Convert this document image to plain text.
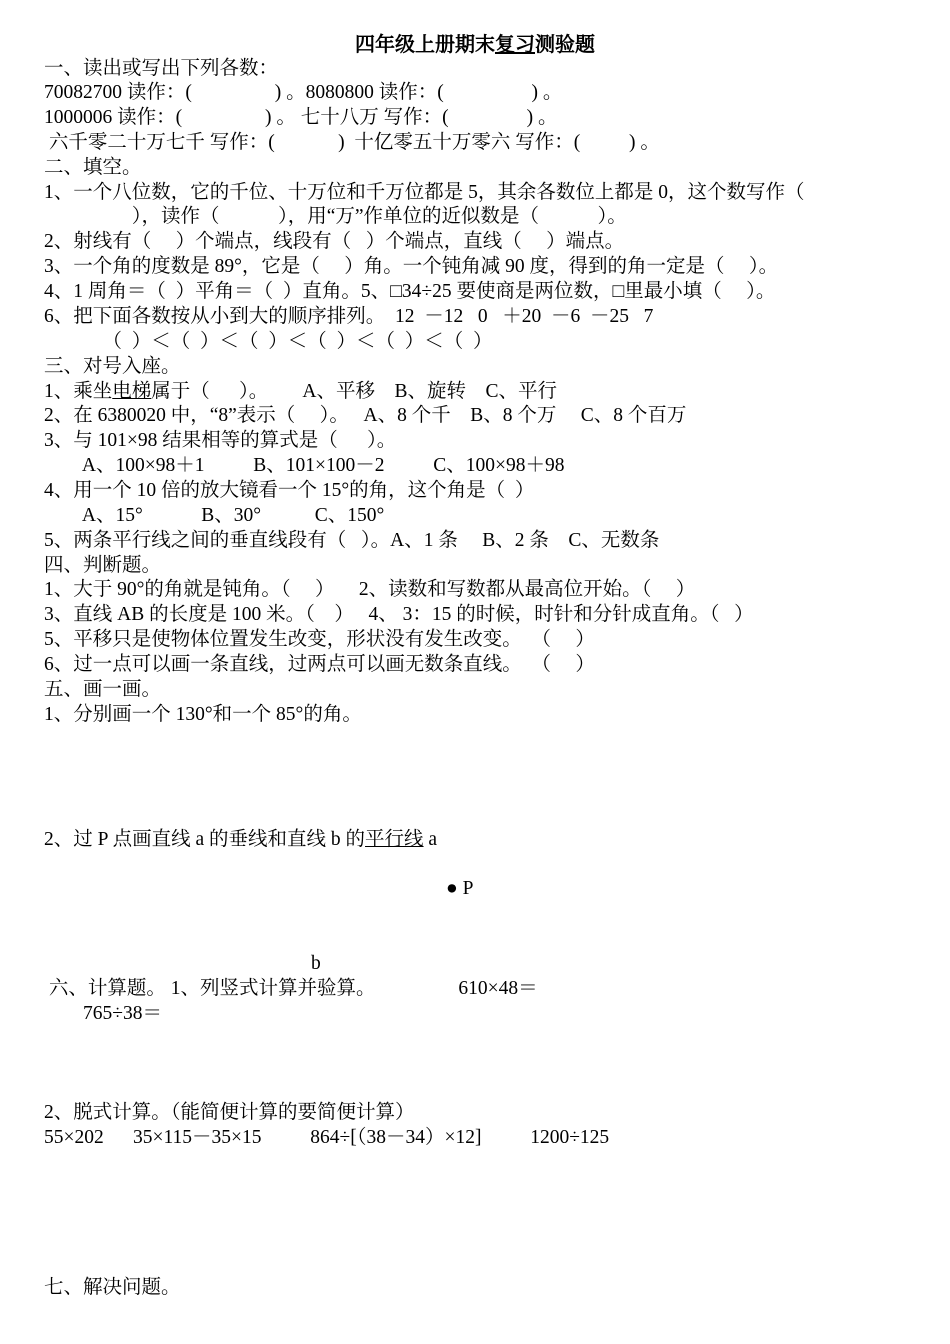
四年级上册期末复习测验题
一、读出或写出下列各数：
70082700 读作：(                 ) 。8080800 读作：(                  ) 。
1000006 读作：(                 ) 。 七十八万 写作：(                ) 。
六千零二十万七千 写作：(             )  十亿零五十万零六 写作：(          ) 。
二、填空。
1、一个八位数，它的千位、十万位和千万位都是 5，其余各数位上都是 0，这个数写作（
），读作（            ），用“万”作单位的近似数是（            ）。
2、射线有（     ）个端点，线段有（   ）个端点，直线（     ）端点。
3、一个角的度数是 89°，它是（     ）角。一个钝角减 90 度，得到的角一定是（     ）。
4、1 周角＝（  ）平角＝（  ）直角。5、□34÷25 要使商是两位数，□里最小填（     ）。
6、把下面各数按从小到大的顺序排列。  12  －12   0   ＋20  －6  －25   7
（  ）＜（  ）＜（  ）＜（  ）＜（  ）＜（  ）
三、对号入座。
1、乘坐电梯属于（      ）。       A、平移    B、旋转    C、平行
2、在 6380020 中，“8”表示（     ）。   A、8 个千    B、8 个万     C、8 个百万
3、与 101×98 结果相等的算式是（      ）。
A、100×98＋1          B、101×100－2          C、100×98＋98
4、用一个 10 倍的放大镜看一个 15°的角，这个角是（  ）
A、15°            B、30°           C、150°
5、两条平行线之间的垂直线段有（   ）。A、1 条     B、2 条    C、无数条
四、判断题。
1、大于 90°的角就是钝角。（     ）     2、读数和写数都从最高位开始。（     ）
3、直线 AB 的长度是 100 米。（    ）   4、 3：15 的时候，时针和分针成直角。（   ）
5、平移只是使物体位置发生改变，形状没有发生改变。  （     ）
6、过一点可以画一条直线，过两点可以画无数条直线。  （     ）
五、画一画。
1、分别画一个 130°和一个 85°的角。
2、过 P 点画直线 a 的垂线和直线 b 的平行线 a
● P
b
六、计算题。 1、列竖式计算并验算。                 610×48＝
765÷38＝
2、脱式计算。（能简便计算的要简便计算）
55×202      35×115－35×15          864÷[（38－34）×12]          1200÷125
七、解决问题。
